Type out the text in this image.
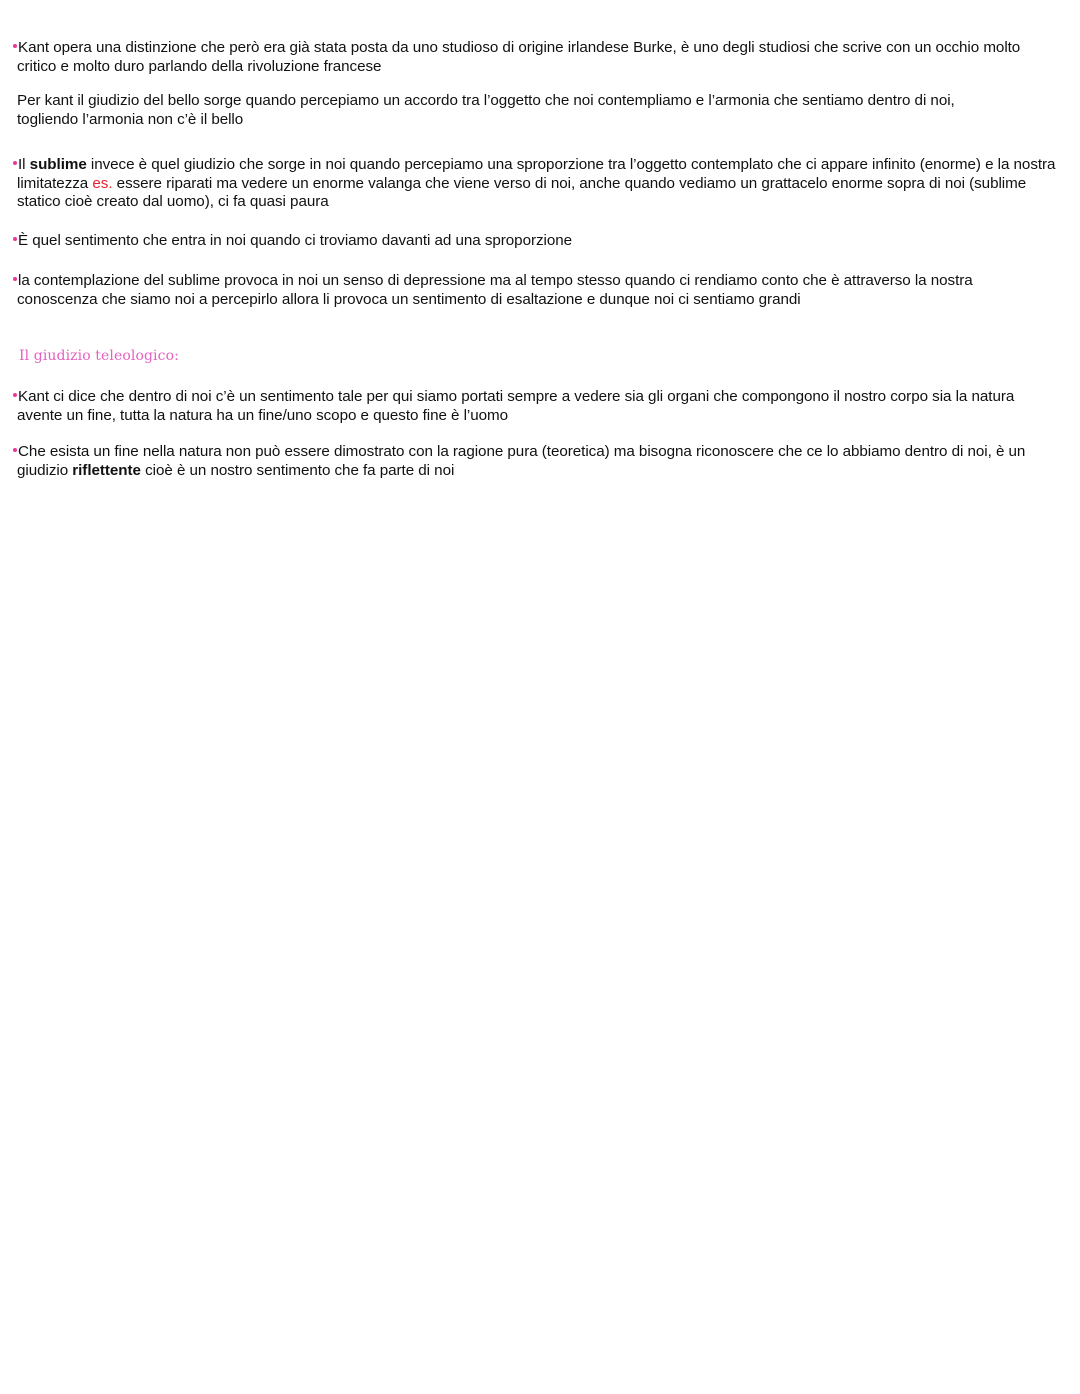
Kant opera una distinzione che però era già stata posta da uno studioso di origine irlandese Burke, è uno degli studiosi che scrive con un occhio molto critico e molto duro parlando della rivoluzione francese
Per kant il giudizio del bello sorge quando percepiamo un accordo tra l’oggetto che noi contempliamo e l’armonia che sentiamo dentro di noi, togliendo l’armonia non c’è il bello
Il sublime invece è quel giudizio che sorge in noi quando percepiamo una sproporzione tra l’oggetto contemplato che ci appare infinito (enorme) e la nostra limitatezza es. essere riparati ma vedere un enorme valanga che viene verso di noi, anche quando vediamo un grattacelo enorme sopra di noi (sublime statico cioè creato dal uomo), ci fa quasi paura
È quel sentimento che entra in noi quando ci troviamo davanti ad una sproporzione
la contemplazione del sublime provoca in noi un senso di depressione ma al tempo stesso quando ci rendiamo conto che è attraverso la nostra conoscenza che siamo noi a percepirlo allora li provoca un sentimento di esaltazione e dunque noi ci sentiamo grandi
Il giudizio teleologico:
Kant ci dice che dentro di noi c’è un sentimento tale per qui siamo portati sempre a vedere sia gli organi che compongono il nostro corpo sia la natura avente un fine, tutta la natura ha un fine/uno scopo e questo fine è l’uomo
Che esista un fine nella natura non può essere dimostrato con la ragione pura (teoretica) ma bisogna riconoscere che ce lo abbiamo dentro di noi, è un giudizio riflettente cioè è un nostro sentimento che fa parte di noi
